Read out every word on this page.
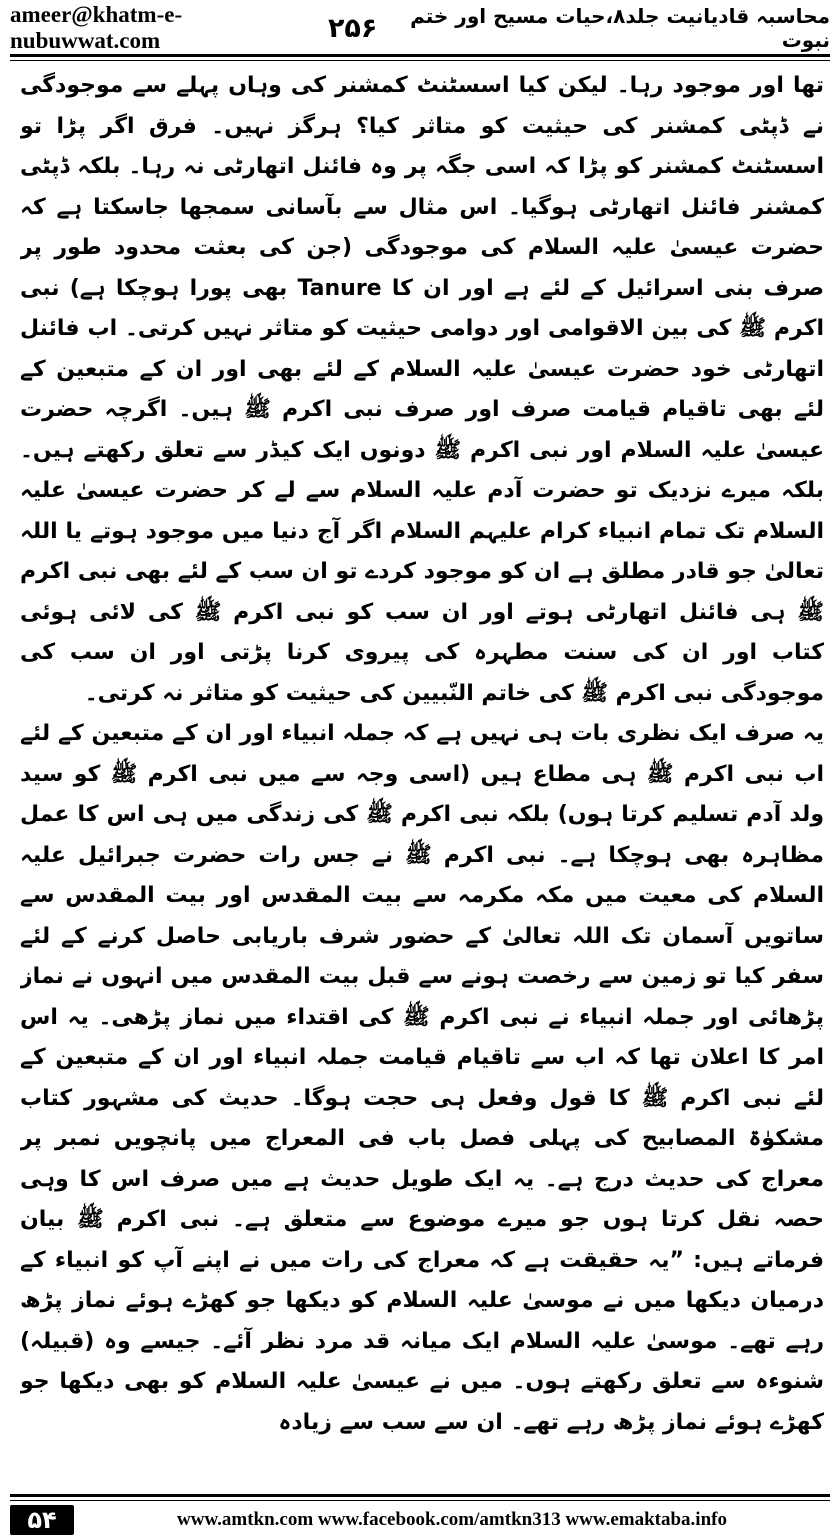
ameer@khatm-e-nubuwwat.com	۲۵۶	محاسبہ قادیانیت جلد۸،حیات مسیح اور ختم نبوت

تھا اور موجود رہا۔ لیکن کیا اسسٹنٹ کمشنر کی وہاں پہلے سے موجودگی نے ڈپٹی کمشنر کی حیثیت کو متاثر کیا؟ ہرگز نہیں۔ فرق اگر پڑا تو اسسٹنٹ کمشنر کو پڑا کہ اسی جگہ پر وہ فائنل اتھارٹی نہ رہا۔ بلکہ ڈپٹی کمشنر فائنل اتھارٹی ہوگیا۔ اس مثال سے بآسانی سمجھا جاسکتا ہے کہ حضرت عیسیٰ علیہ السلام کی موجودگی (جن کی بعثت محدود طور پر صرف بنی اسرائیل کے لئے ہے اور ان کا Tanure بھی پورا ہوچکا ہے) نبی اکرم ﷺ کی بین الاقوامی اور دوامی حیثیت کو متاثر نہیں کرتی۔ اب فائنل اتھارٹی خود حضرت عیسیٰ علیہ السلام کے لئے بھی اور ان کے متبعین کے لئے بھی تاقیام قیامت صرف اور صرف نبی اکرم ﷺ ہیں۔ اگرچہ حضرت عیسیٰ علیہ السلام اور نبی اکرم ﷺ دونوں ایک کیڈر سے تعلق رکھتے ہیں۔ بلکہ میرے نزدیک تو حضرت آدم علیہ السلام سے لے کر حضرت عیسیٰ علیہ السلام تک تمام انبیاء کرام علیہم السلام اگر آج دنیا میں موجود ہوتے یا اللہ تعالیٰ جو قادر مطلق ہے ان کو موجود کردے تو ان سب کے لئے بھی نبی اکرم ﷺ ہی فائنل اتھارٹی ہوتے اور ان سب کو نبی اکرم ﷺ کی لائی ہوئی کتاب اور ان کی سنت مطہرہ کی پیروی کرنا پڑتی اور ان سب کی موجودگی نبی اکرم ﷺ کی خاتم النّبیین کی حیثیت کو متاثر نہ کرتی۔

یہ صرف ایک نظری بات ہی نہیں ہے کہ جملہ انبیاء اور ان کے متبعین کے لئے اب نبی اکرم ﷺ ہی مطاع ہیں (اسی وجہ سے میں نبی اکرم ﷺ کو سید ولد آدم تسلیم کرتا ہوں) بلکہ نبی اکرم ﷺ کی زندگی میں ہی اس کا عمل مظاہرہ بھی ہوچکا ہے۔ نبی اکرم ﷺ نے جس رات حضرت جبرائیل علیہ السلام کی معیت میں مکہ مکرمہ سے بیت المقدس اور بیت المقدس سے ساتویں آسمان تک اللہ تعالیٰ کے حضور شرف باریابی حاصل کرنے کے لئے سفر کیا تو زمین سے رخصت ہونے سے قبل بیت المقدس میں انہوں نے نماز پڑھائی اور جملہ انبیاء نے نبی اکرم ﷺ کی اقتداء میں نماز پڑھی۔ یہ اس امر کا اعلان تھا کہ اب سے تاقیام قیامت جملہ انبیاء اور ان کے متبعین کے لئے نبی اکرم ﷺ کا قول وفعل ہی حجت ہوگا۔ حدیث کی مشہور کتاب مشکوٰۃ المصابیح کی پہلی فصل باب فی المعراج میں پانچویں نمبر پر معراج کی حدیث درج ہے۔ یہ ایک طویل حدیث ہے میں صرف اس کا وہی حصہ نقل کرتا ہوں جو میرے موضوع سے متعلق ہے۔ نبی اکرم ﷺ بیان فرماتے ہیں: ”یہ حقیقت ہے کہ معراج کی رات میں نے اپنے آپ کو انبیاء کے درمیان دیکھا میں نے موسیٰ علیہ السلام کو دیکھا جو کھڑے ہوئے نماز پڑھ رہے تھے۔ موسیٰ علیہ السلام ایک میانہ قد مرد نظر آئے۔ جیسے وہ (قبیلہ) شنوءہ سے تعلق رکھتے ہوں۔ میں نے عیسیٰ علیہ السلام کو بھی دیکھا جو کھڑے ہوئے نماز پڑھ رہے تھے۔ ان سے سب سے زیادہ

۵۴	www.amtkn.com www.facebook.com/amtkn313 www.emaktaba.info
